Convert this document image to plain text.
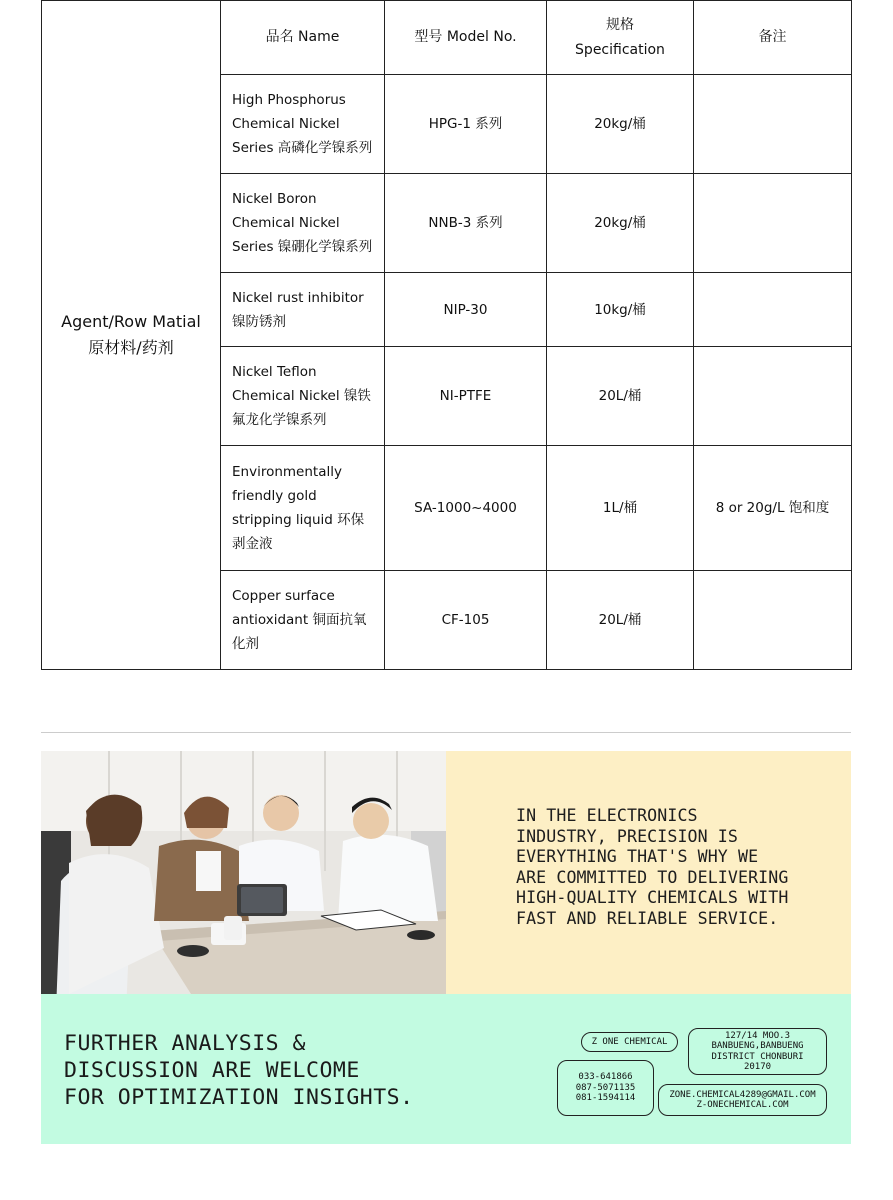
Agent/Row Matial
原材料/药剂	品名 Name	型号 Model No.	规格
Specification	备注
	High Phosphorus
Chemical Nickel
Series 高磷化学镍系列	HPG-1 系列	20kg/桶	
	Nickel Boron
Chemical Nickel
Series 镍硼化学镍系列	NNB-3 系列	20kg/桶	
	Nickel rust inhibitor
镍防锈剂	NIP-30	10kg/桶	
	Nickel Teflon
Chemical Nickel 镍铁
氟龙化学镍系列	NI-PTFE	20L/桶	
	Environmentally
friendly gold
stripping liquid 环保
剥金液	SA-1000~4000	1L/桶	8 or 20g/L 饱和度
	Copper surface
antioxidant 铜面抗氧
化剂	CF-105	20L/桶	

IN THE ELECTRONICS
INDUSTRY, PRECISION IS
EVERYTHING THAT'S WHY WE
ARE COMMITTED TO DELIVERING
HIGH-QUALITY CHEMICALS WITH
FAST AND RELIABLE SERVICE.

FURTHER ANALYSIS &
DISCUSSION ARE WELCOME
FOR OPTIMIZATION INSIGHTS.
Z ONE CHEMICAL
127/14 MOO.3
BANBUENG,BANBUENG
DISTRICT CHONBURI
20170
033-641866
087-5071135
081-1594114	ZONE.CHEMICAL4289@GMAIL.COM
Z-ONECHEMICAL.COM
